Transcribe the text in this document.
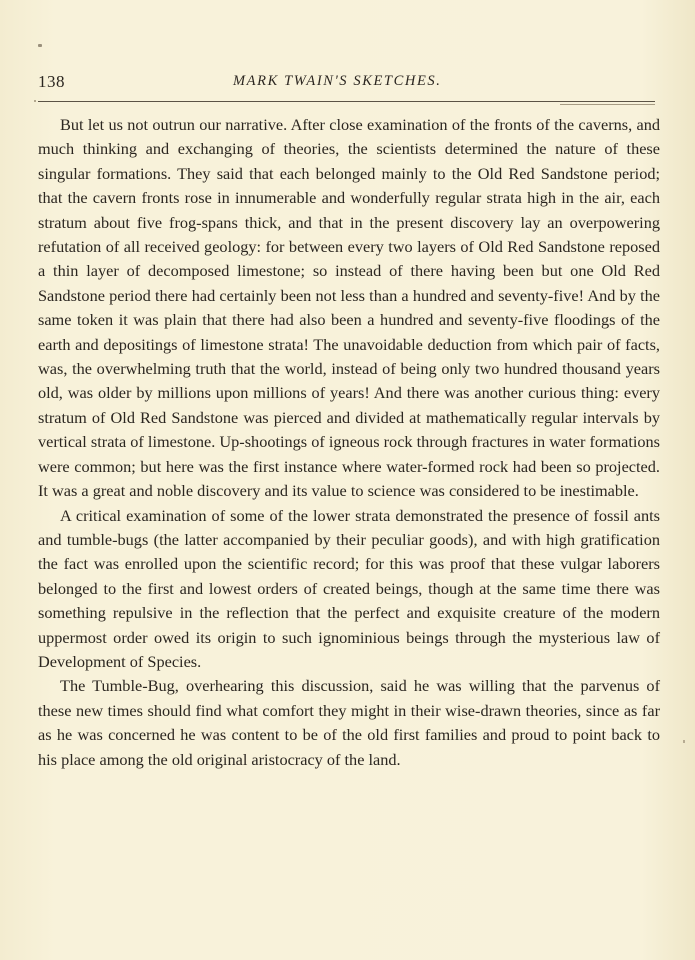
138	MARK TWAIN'S SKETCHES.

But let us not outrun our narrative. After close examination of the fronts of the caverns, and much thinking and exchanging of theories, the scientists determined the nature of these singular formations. They said that each belonged mainly to the Old Red Sandstone period; that the cavern fronts rose in innumerable and wonderfully regular strata high in the air, each stratum about five frog-spans thick, and that in the present discovery lay an overpowering refutation of all received geology: for between every two layers of Old Red Sandstone reposed a thin layer of decomposed limestone; so instead of there having been but one Old Red Sandstone period there had certainly been not less than a hundred and seventy-five! And by the same token it was plain that there had also been a hundred and seventy-five floodings of the earth and depositings of limestone strata! The unavoidable deduction from which pair of facts, was, the overwhelming truth that the world, instead of being only two hundred thousand years old, was older by millions upon millions of years! And there was another curious thing: every stratum of Old Red Sandstone was pierced and divided at mathematically regular intervals by vertical strata of limestone. Up-shootings of igneous rock through fractures in water formations were common; but here was the first instance where water-formed rock had been so projected. It was a great and noble discovery and its value to science was considered to be inestimable.

A critical examination of some of the lower strata demonstrated the presence of fossil ants and tumble-bugs (the latter accompanied by their peculiar goods), and with high gratification the fact was enrolled upon the scientific record; for this was proof that these vulgar laborers belonged to the first and lowest orders of created beings, though at the same time there was something repulsive in the reflection that the perfect and exquisite creature of the modern uppermost order owed its origin to such ignominious beings through the mysterious law of Development of Species.

The Tumble-Bug, overhearing this discussion, said he was willing that the parvenus of these new times should find what comfort they might in their wise-drawn theories, since as far as he was concerned he was content to be of the old first families and proud to point back to his place among the old original aristocracy of the land.
